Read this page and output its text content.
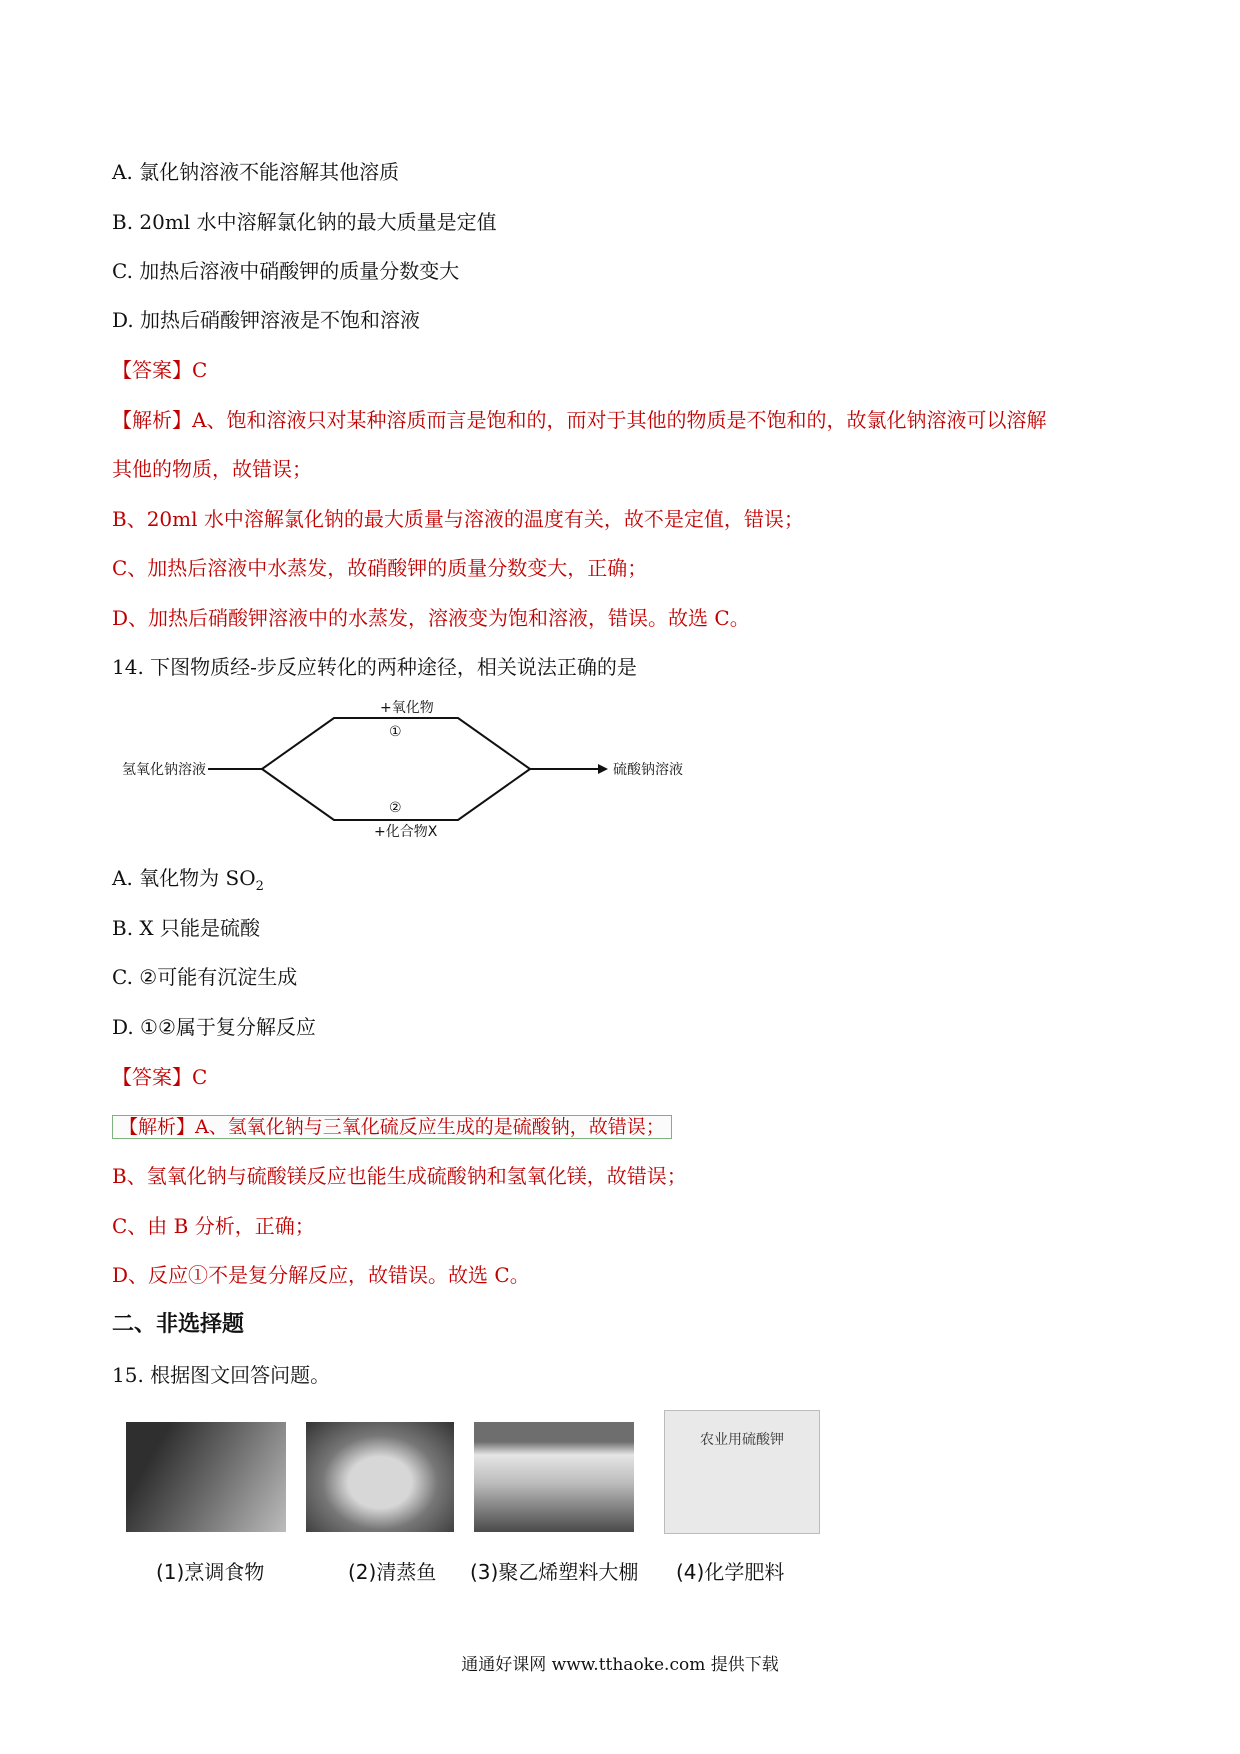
A. 氯化钠溶液不能溶解其他溶质
B. 20ml 水中溶解氯化钠的最大质量是定值
C. 加热后溶液中硝酸钾的质量分数变大
D. 加热后硝酸钾溶液是不饱和溶液
【答案】C
【解析】A、饱和溶液只对某种溶质而言是饱和的，而对于其他的物质是不饱和的，故氯化钠溶液可以溶解
其他的物质，故错误；
B、20ml 水中溶解氯化钠的最大质量与溶液的温度有关，故不是定值，错误；
C、加热后溶液中水蒸发，故硝酸钾的质量分数变大，正确；
D、加热后硝酸钾溶液中的水蒸发，溶液变为饱和溶液，错误。故选 C。
14. 下图物质经-步反应转化的两种途径，相关说法正确的是
氢氧化钠溶液	硫酸钠溶液
+氧化物
①
②
+化合物X
A. 氧化物为 $SO_2$
B. X 只能是硫酸
C. ②可能有沉淀生成
D. ①②属于复分解反应
【答案】C
【解析】A、氢氧化钠与三氧化硫反应生成的是硫酸钠，故错误；
B、氢氧化钠与硫酸镁反应也能生成硫酸钠和氢氧化镁，故错误；
C、由 B 分析，正确；
D、反应①不是复分解反应，故错误。故选 C。
二、非选择题
15. 根据图文回答问题。
农业用硫酸钾
(1)烹调食物	(2)清蒸鱼 (3)聚乙烯塑料大棚 (4)化学肥料
通通好课网 www.tthaoke.com 提供下载
